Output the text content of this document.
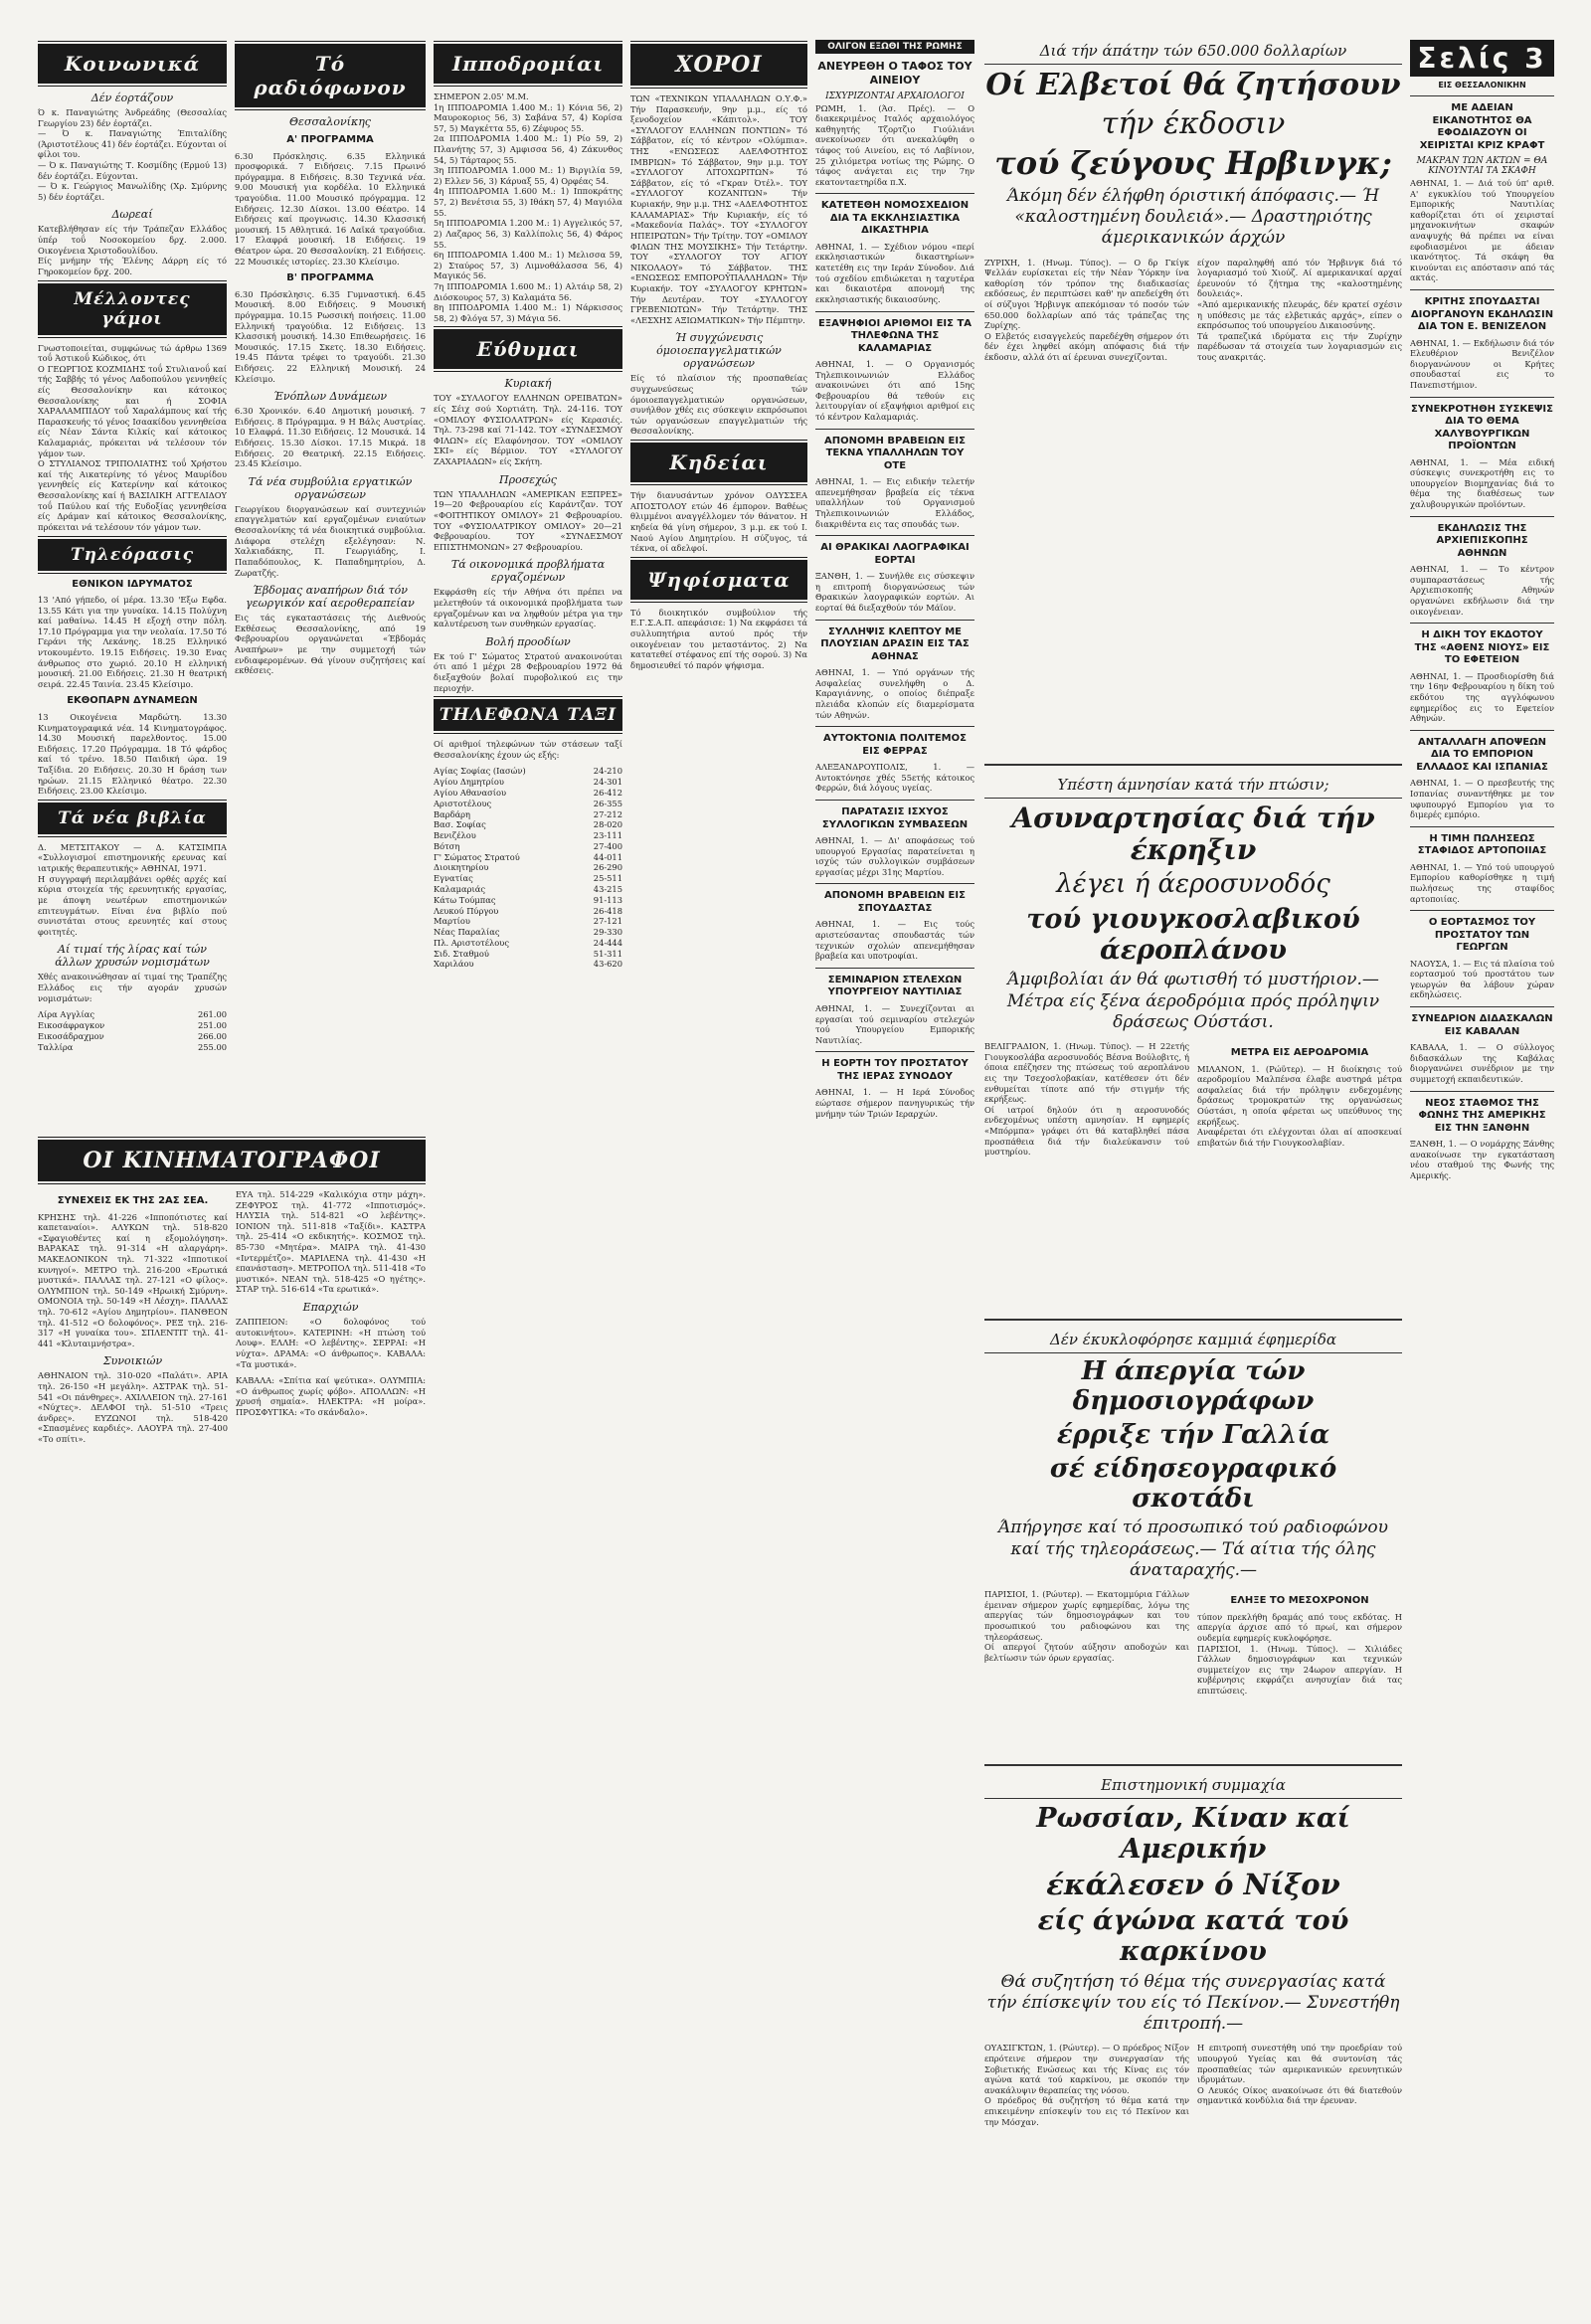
Κοινωνικά
Δέν έορτάζουν
Ό κ. Παναγιώτης Άνδρεάδης (Θεσσαλίας Γεωργίου 23) δέν έορτάζει.
— Ό κ. Παναγιώτης Έπιταλίδης (Άριστοτέλους 41) δέν έορτάζει. Εύχονται οί φίλοι του.
— Ό κ. Παναγιώτης Τ. Κοσμίδης (Ερμού 13) δέν έορτάζει. Εύχονται.
— Ό κ. Γεώργιος Μανωλίδης (Χρ. Σμύρνης 5) δέν έορτάζει.
Δωρεαί
Κατεβλήθησαν είς τήν Τράπεζαν Ελλάδος ύπέρ τοΰ Νοσοκομείου δρχ. 2.000. Οικογένεια Χριστοδουλίδου.
Είς μνήμην τής Έλένης Δάρρη είς τό Γηροκομείον δρχ. 200.
Μέλλοντες γάμοι
Γνωστοποιείται, συμφώνως τώ άρθρω 1369 τοΰ Άστικοΰ Κώδικος, ότι
Ο ΓΕΩΡΓΙΟΣ ΚΟΖΜΙΔΗΣ τοΰ Στυλιανοΰ καί τής Σαββής τό γένος Λαδοπούλου γεννηθείς είς Θεσσαλονίκην και κάτοικος Θεσσαλονίκης και ή ΣΟΦΙΑ ΧΑΡΑΛΑΜΠΙΔΟΥ τοΰ Χαραλάμπους καί τής Παρασκευής τό γένος Ισαακίδου γεννηθείσα είς Νέαν Σάντα Κιλκίς καί κάτοικος Καλαμαριάς, πρόκειται νά τελέσουν τόν γάμον των.
Ο ΣΤΥΛΙΑΝΟΣ ΤΡΙΠΟΛΙΑΤΗΣ τοΰ Χρήστου καί τής Αικατερίνης τό γένος Μαυρίδου γεννηθείς είς Κατερίνην καί κάτοικος Θεσσαλονίκης καί ή ΒΑΣΙΛΙΚΗ ΑΓΓΕΛΙΔΟΥ τοΰ Παύλου καί τής Ευδοξίας γεννηθείσα είς Δράμαν καί κάτοικος Θεσσαλονίκης, πρόκειται νά τελέσουν τόν γάμον των.
Τηλεόρασις
ΕΘΝΙΚΟΝ ΙΔΡΥΜΑΤΟΣ
13 'Από γήπεδο, οί μέρα. 13.30 'Εξω Εφδα. 13.55 Κάτι για την γυναίκα. 14.15 Πολύχνη καί μαθαίνω. 14.45 Η εξοχή στην πόλη. 17.10 Πρόγραμμα για την νεολαία. 17.50 Τό Γεράνι τής Λεκάνης. 18.25 Ελληνικό ντοκουμέντο. 19.15 Ειδήσεις. 19.30 Ενας άνθρωπος στο χωριό. 20.10 Η ελληνική μουσική. 21.00 Ειδήσεις. 21.30 Η θεατρική σειρά. 22.45 Ταινία. 23.45 Κλείσιμο.
ΕΚΘΟΠΑΡΝ ΔΥΝΑΜΕΩΝ
13 Οικογένεια Μαρδώτη. 13.30 Κινηματογραφικά νέα. 14 Κινηματογράφος. 14.30 Μουσική παρελθοντος. 15.00 Ειδήσεις. 17.20 Πρόγραμμα. 18 Τό φάρδος καί τό τρένο. 18.50 Παιδική ώρα. 19 Ταξίδια. 20 Ειδήσεις. 20.30 Η δράση των ηρώων. 21.15 Ελληνικό θέατρο. 22.30 Ειδήσεις. 23.00 Κλείσιμο.
Τά νέα βιβλία
Δ. ΜΕΤΣΙΤΑΚΟΥ — Δ. ΚΑΤΣΙΜΠΑ «Συλλογισμοί επιστημονικής ερευνας καί ιατρικής θεραπευτικής» ΑΘΗΝΑΙ, 1971.
Η συγγραφή περιλαμβάνει ορθές αρχές καί κύρια στοιχεία τής ερευνητικής εργασίας, με άποψη νεωτέρων επιστημονικών επιτευγμάτων. Είναι ένα βιβλίο πού συνιστάται στους ερευνητές καί στους φοιτητές.
Αί τιμαί τής λίρας καί τών άλλων χρυσών νομισμάτων
Χθές ανακοινώθησαν αί τιμαί της Τραπέζης Ελλάδος εις τήν αγοράν χρυσών νομισμάτων:
Λίρα Αγγλίας	261.00
Εικοσάφραγκον	251.00
Εικοσάδραχμον	266.00
Ταλλίρα	255.00
Τό ραδιόφωνον
Θεσσαλονίκης
Α' ΠΡΟΓΡΑΜΜΑ
6.30 Πρόσκλησις. 6.35 Ελληνικά προσφορικά. 7 Ειδήσεις. 7.15 Πρωινό πρόγραμμα. 8 Ειδήσεις. 8.30 Τεχνικά νέα. 9.00 Μουσική για κορδέλα. 10 Ελληνικά τραγούδια. 11.00 Μουσικό πρόγραμμα. 12 Ειδήσεις. 12.30 Δίσκοι. 13.00 Θέατρο. 14 Ειδήσεις καί προγνωσις. 14.30 Κλασσική μουσική. 15 Αθλητικά. 16 Λαϊκά τραγούδια. 17 Ελαφρά μουσική. 18 Ειδήσεις. 19 Θέατρον ώρα. 20 Θεσσαλονίκη. 21 Ειδήσεις. 22 Μουσικές ιστορίες. 23.30 Κλείσιμο.
Β' ΠΡΟΓΡΑΜΜΑ
6.30 Πρόσκλησις. 6.35 Γυμναστική. 6.45 Μουσική. 8.00 Ειδήσεις. 9 Μουσική πρόγραμμα. 10.15 Ρωσσική ποιήσεις. 11.00 Ελληνική τραγούδια. 12 Ειδήσεις. 13 Κλασσική μουσική. 14.30 Επιθεωρήσεις. 16 Μουσικός. 17.15 Σκετς. 18.30 Ειδήσεις. 19.45 Πάντα τρέφει το τραγούδι. 21.30 Ειδήσεις. 22 Ελληνική Μουσική. 24 Κλείσιμο.
Ένόπλων Δυνάμεων
6.30 Χρονικόν. 6.40 Δημοτική μουσική. 7 Ειδήσεις. 8 Πρόγραμμα. 9 Η Βάλς Αυστρίας. 10 Ελαφρά. 11.30 Ειδήσεις. 12 Μουσικά. 14 Ειδήσεις. 15.30 Δίσκοι. 17.15 Μικρά. 18 Ειδήσεις. 20 Θεατρική. 22.15 Ειδήσεις. 23.45 Κλείσιμο.
Τά νέα συμβούλια εργατικών οργανώσεων
Γεωργίκου διοργανώσεων καί συντεχνιών επαγγελματών καί εργαζομένων ενιαύτων Θεσσαλονίκης τά νέα διοικητικά συμβούλια. Διάφορα στελέχη εξελέγησαν: Ν. Χαλκιαδάκης, Π. Γεωργιάδης, Ι. Παπαδόπουλος, Κ. Παπαδημητρίου, Δ. Ζωρατζής.
Έβδομας αναπήρων διά τόν γεωργικόν καί αεροθεραπείαν
Εις τάς εγκαταστάσεις τής Διεθνούς Εκθέσεως Θεσσαλονίκης, από 19 Φεβρουαρίου οργανώνεται «Έβδομάς Αναπήρων» με την συμμετοχή τών ενδιαφερομένων. Θά γίνουν συζητήσεις καί εκθέσεις.
Ιπποδρομίαι
ΣΗΜΕΡΟΝ 2.05' Μ.Μ.
1η ΙΠΠΟΔΡΟΜΙΑ 1.400 Μ.: 1) Κόνια 56, 2) Μαυροκοριος 56, 3) Σαβάνα 57, 4) Κορίσα 57, 5) Μαγκέττα 55, 6) Ζέφυρος 55.
2α ΙΠΠΟΔΡΟΜΙΑ 1.400 Μ.: 1) Ρίο 59, 2) Πλανήτης 57, 3) Αμφισσα 56, 4) Ζάκυνθος 54, 5) Τάρταρος 55.
3η ΙΠΠΟΔΡΟΜΙΑ 1.000 Μ.: 1) Βιργιλία 59, 2) Ελλεν 56, 3) Κάρυαξ 55, 4) Ορφέας 54.
4η ΙΠΠΟΔΡΟΜΙΑ 1.600 Μ.: 1) Ιπποκράτης 57, 2) Βενέτσια 55, 3) Ιθάκη 57, 4) Μαγιόλα 55.
5η ΙΠΠΟΔΡΟΜΙΑ 1.200 Μ.: 1) Αγγελικός 57, 2) Λαζαρος 56, 3) Καλλίπολις 56, 4) Φάρος 55.
6η ΙΠΠΟΔΡΟΜΙΑ 1.400 Μ.: 1) Μελισσα 59, 2) Σταύρος 57, 3) Λιμνοθάλασσα 56, 4) Μαγικός 56.
7η ΙΠΠΟΔΡΟΜΙΑ 1.600 Μ.: 1) Αλτάιρ 58, 2) Διόσκουρος 57, 3) Καλαμάτα 56.
8η ΙΠΠΟΔΡΟΜΙΑ 1.400 Μ.: 1) Νάρκισσος 58, 2) Φλόγα 57, 3) Μάγια 56.
Εύθυμαι
Κυριακή
ΤΟΥ «ΣΥΛΛΟΓΟΥ ΕΛΛΗΝΩΝ ΟΡΕΙΒΑΤΩΝ» είς Σέιχ σού Χορτιάτη. Τηλ. 24-116. ΤΟΥ «ΟΜΙΛΟΥ ΦΥΣΙΟΛΑΤΡΩΝ» είς Κερασιές. Τηλ. 73-298 καί 71-142. ΤΟΥ «ΣΥΝΔΕΣΜΟΥ ΦΙΛΩΝ» είς Ελαφόνησον. ΤΟΥ «ΟΜΙΛΟΥ ΣΚΙ» είς Βέρμιον. ΤΟΥ «ΣΥΛΛΟΓΟΥ ΖΑΧΑΡΙΑΔΩΝ» είς Σκήτη.
Προσεχώς
ΤΩΝ ΥΠΑΛΛΗΛΩΝ «ΑΜΕΡΙΚΑΝ ΕΞΠΡΕΣ» 19—20 Φεβρουαρίου είς Καράντζαν. ΤΟΥ «ΦΟΙΤΗΤΙΚΟΥ ΟΜΙΛΟΥ» 21 Φεβρουαρίου. ΤΟΥ «ΦΥΣΙΟΛΑΤΡΙΚΟΥ ΟΜΙΛΟΥ» 20—21 Φεβρουαρίου. ΤΟΥ «ΣΥΝΔΕΣΜΟΥ ΕΠΙΣΤΗΜΟΝΩΝ» 27 Φεβρουαρίου.
Τά οικονομικά προβλήματα εργαζομένων
Εκφράσθη είς τήν Αθήνα ότι πρέπει να μελετηθούν τά οικονομικά προβλήματα των εργαζομένων και να ληφθούν μέτρα για την καλυτέρευση των συνθηκών εργασίας.
Βολή προοδίων
Εκ τού Γ' Σώματος Στρατού ανακοινούται ότι από 1 μέχρι 28 Φεβρουαρίου 1972 θά διεξαχθούν βολαί πυροβολικού εις την περιοχήν.
ΤΗΛΕΦΩΝΑ ΤΑΞΙ
Οί αριθμοί τηλεφώνων τών στάσεων ταξί Θεσσαλονίκης έχουν ώς εξής:
Αγίας Σοφίας (Ιασών)	24-210
Αγίου Δημητρίου	24-301
Αγίου Αθανασίου	26-412
Αριστοτέλους	26-355
Βαρδάρη	27-212
Βασ. Σοφίας	28-020
Βενιζέλου	23-111
Βότση	27-400
Γ' Σώματος Στρατού	44-011
Διοικητηρίου	26-290
Εγνατίας	25-511
Καλαμαριάς	43-215
Κάτω Τούμπας	91-113
Λευκού Πύργου	26-418
Μαρτίου	27-121
Νέας Παραλίας	29-330
Πλ. Αριστοτέλους	24-444
Σιδ. Σταθμού	51-311
Χαριλάου	43-620
ΧΟΡΟΙ
ΤΩΝ «ΤΕΧΝΙΚΩΝ ΥΠΑΛΛΗΛΩΝ Ο.Υ.Φ.» Τήν Παρασκευήν, 9ην μ.μ., είς τό ξενοδοχείον «Κάπιτολ». ΤΟΥ «ΣΥΛΛΟΓΟΥ ΕΛΛΗΝΩΝ ΠΟΝΤΙΩΝ» Τό Σάββατον, είς τό κέντρον «Ολύμπια». ΤΗΣ «ΕΝΩΣΕΩΣ ΑΔΕΛΦΟΤΗΤΟΣ ΙΜΒΡΙΩΝ» Τό Σάββατον, 9ην μ.μ. ΤΟΥ «ΣΥΛΛΟΓΟΥ ΛΙΤΟΧΩΡΙΤΩΝ» Τό Σάββατον, είς τό «Γκραν Ότέλ». ΤΟΥ «ΣΥΛΛΟΓΟΥ ΚΟΖΑΝΙΤΩΝ» Τήν Κυριακήν, 9ην μ.μ. ΤΗΣ «ΑΔΕΛΦΟΤΗΤΟΣ ΚΑΛΑΜΑΡΙΑΣ» Τήν Κυριακήν, είς τό «Μακεδονία Παλάς». ΤΟΥ «ΣΥΛΛΟΓΟΥ ΗΠΕΙΡΩΤΩΝ» Τήν Τρίτην. ΤΟΥ «ΟΜΙΛΟΥ ΦΙΛΩΝ ΤΗΣ ΜΟΥΣΙΚΗΣ» Τήν Τετάρτην. ΤΟΥ «ΣΥΛΛΟΓΟΥ ΤΟΥ ΑΓΙΟΥ ΝΙΚΟΛΑΟΥ» Τό Σάββατον. ΤΗΣ «ΕΝΩΣΕΩΣ ΕΜΠΟΡΟΫΠΑΛΛΗΛΩΝ» Τήν Κυριακήν. ΤΟΥ «ΣΥΛΛΟΓΟΥ ΚΡΗΤΩΝ» Τήν Δευτέραν. ΤΟΥ «ΣΥΛΛΟΓΟΥ ΓΡΕΒΕΝΙΩΤΩΝ» Τήν Τετάρτην. ΤΗΣ «ΛΕΣΧΗΣ ΑΞΙΩΜΑΤΙΚΩΝ» Τήν Πέμπτην.
Ή συγχώνευσις όμοιοεπαγγελματικών οργανώσεων
Είς τό πλαίσιον τής προσπαθείας συγχωνεύσεως τών όμοιοεπαγγελματικών οργανώσεων, συνήλθον χθές εις σύσκεψιν εκπρόσωποι τών οργανώσεων επαγγελματιών τής Θεσσαλονίκης.
Κηδείαι
Τήν διανυσάντων χρόνον ΟΔΥΣΣΕΑ ΑΠΟΣΤΟΛΟΥ ετών 46 έμπορον. Βαθέως θλιμμένοι αναγγέλλομεν τόν θάνατον. Η κηδεία θά γίνη σήμερον, 3 μ.μ. εκ τού Ι. Ναού Αγίου Δημητρίου. Η σύζυγος, τά τέκνα, οί αδελφοί.
Ψηφίσματα
Τό διοικητικόν συμβούλιον τής Ε.Γ.Σ.Α.Π. απεφάσισε: 1) Να εκφράσει τά συλλυπητήρια αυτού πρός τήν οικογένειαν του μεταστάντος. 2) Να κατατεθεί στέφανος επί τής σορού. 3) Να δημοσιευθεί τό παρόν ψήφισμα.
ΟΛΙΓΟΝ ΕΞΩΘΙ ΤΗΣ ΡΩΜΗΣ
ΑΝΕΥΡΕΘΗ Ο ΤΑΦΟΣ ΤΟΥ ΑΙΝΕΙΟΥ
ΙΣΧΥΡΙΖΟΝΤΑΙ ΑΡΧΑΙΟΛΟΓΟΙ
ΡΩΜΗ, 1. (Άσ. Πρές). — Ο διακεκριμένος Ιταλός αρχαιολόγος καθηγητής Τζορτζιο Γιούλιάνι ανεκοίνωσεν ότι ανεκαλύφθη ο τάφος τού Αινείου, εις τό Λαβίνιον, 25 χιλιόμετρα νοτίως της Ρώμης. Ο τάφος ανάγεται εις την 7ην εκατονταετηρίδα π.Χ.
ΚΑΤΕΤΕΘΗ ΝΟΜΟΣΧΕΔΙΟΝ ΔΙΑ ΤΑ ΕΚΚΛΗΣΙΑΣΤΙΚΑ ΔΙΚΑΣΤΗΡΙΑ
ΑΘΗΝΑΙ, 1. — Σχέδιον νόμου «περί εκκλησιαστικών δικαστηρίων» κατετέθη εις την Ιεράν Σύνοδον. Διά τού σχεδίου επιδιώκεται η ταχυτέρα και δικαιοτέρα απονομή της εκκλησιαστικής δικαιοσύνης.
ΕΞΑΨΗΦΙΟΙ ΑΡΙΘΜΟΙ ΕΙΣ ΤΑ ΤΗΛΕΦΩΝΑ ΤΗΣ ΚΑΛΑΜΑΡΙΑΣ
ΑΘΗΝΑΙ, 1. — Ο Οργανισμός Τηλεπικοινωνιών Ελλάδος ανακοινώνει ότι από 15ης Φεβρουαρίου θά τεθούν εις λειτουργίαν οί εξαψήφιοι αριθμοί εις τό κέντρον Καλαμαριάς.
ΑΠΟΝΟΜΗ ΒΡΑΒΕΙΩΝ ΕΙΣ ΤΕΚΝΑ ΥΠΑΛΛΗΛΩΝ ΤΟΥ ΟΤΕ
ΑΘΗΝΑΙ, 1. — Εις ειδικήν τελετήν απενεμήθησαν βραβεία είς τέκνα υπαλλήλων τού Οργανισμού Τηλεπικοινωνιών Ελλάδος, διακριθέντα εις τας σπουδάς των.
ΑΙ ΘΡΑΚΙΚΑΙ ΛΑΟΓΡΑΦΙΚΑΙ ΕΟΡΤΑΙ
ΞΑΝΘΗ, 1. — Συνήλθε εις σύσκεψιν η επιτροπή διοργανώσεως τών Θρακικών λαογραφικών εορτών. Αι εορταί θά διεξαχθούν τόν Μάϊον.
ΣΥΛΛΗΨΙΣ ΚΛΕΠΤΟΥ ΜΕ ΠΛΟΥΣΙΑΝ ΔΡΑΣΙΝ ΕΙΣ ΤΑΣ ΑΘΗΝΑΣ
ΑΘΗΝΑΙ, 1. — Υπό οργάνων τής Ασφαλείας συνελήφθη ο Δ. Καραγιάννης, ο οποίος διέπραξε πλειάδα κλοπών είς διαμερίσματα τών Αθηνών.
ΑΥΤΟΚΤΟΝΙΑ ΠΟΛΙΤΕΜΟΣ ΕΙΣ ΦΕΡΡΑΣ
ΑΛΕΞΑΝΔΡΟΥΠΟΛΙΣ, 1. — Αυτοκτόνησε χθές 55ετής κάτοικος Φερρών, διά λόγους υγείας.
ΠΑΡΑΤΑΣΙΣ ΙΣΧΥΟΣ ΣΥΛΛΟΓΙΚΩΝ ΣΥΜΒΑΣΕΩΝ
ΑΘΗΝΑΙ, 1. — Δι' αποφάσεως τού υπουργού Εργασίας παρατείνεται η ισχύς τών συλλογικών συμβάσεων εργασίας μέχρι 31ης Μαρτίου.
ΑΠΟΝΟΜΗ ΒΡΑΒΕΙΩΝ ΕΙΣ ΣΠΟΥΔΑΣΤΑΣ
ΑΘΗΝΑΙ, 1. — Εις τούς αριστεύσαντας σπουδαστάς τών τεχνικών σχολών απενεμήθησαν βραβεία και υποτροφίαι.
ΣΕΜΙΝΑΡΙΟΝ ΣΤΕΛΕΧΩΝ ΥΠΟΥΡΓΕΙΟΥ ΝΑΥΤΙΛΙΑΣ
ΑΘΗΝΑΙ, 1. — Συνεχίζονται αι εργασίαι τού σεμιναρίου στελεχών τού Υπουργείου Εμπορικής Ναυτιλίας.
Η ΕΟΡΤΗ ΤΟΥ ΠΡΟΣΤΑΤΟΥ ΤΗΣ ΙΕΡΑΣ ΣΥΝΟΔΟΥ
ΑΘΗΝΑΙ, 1. — Η Ιερά Σύνοδος εώρτασε σήμερον πανηγυρικώς τήν μνήμην τών Τριών Ιεραρχών.
Διά τήν άπάτην τών 650.000 δολλαρίων
Οί Ελβετοί θά ζητήσουν
τήν έκδοσιν
τού ζεύγους Ηρβινγκ;
Άκόμη δέν έλήφθη όριστική άπόφασις.— Ή «καλοστημένη δουλειά».— Δραστηριότης άμερικανικών άρχών
ΖΥΡΙΧΗ, 1. (Ηνωμ. Τύπος). — Ο δρ Γκίγκ Ψελλάν ευρίσκεται είς τήν Νέαν Ύόρκην ίνα καθορίση τόν τρόπον της διαδικασίας εκδόσεως, έν περιπτώσει καθ' ην απεδείχθη ότι οί σύζυγοι Ήρβινγκ απεκόμισαν τό ποσόν τών 650.000 δολλαρίων από τάς τράπεζας της Ζυρίχης.
Ο Ελβετός εισαγγελεύς παρεδέχθη σήμερον ότι δέν έχει ληφθεί ακόμη απόφασις διά τήν έκδοσιν, αλλά ότι αί έρευναι συνεχίζονται.
είχον παραληφθή από τόν Ήρβινγκ διά τό λογαριασμό τού Χιούζ. Αί αμερικανικαί αρχαί έρευνούν τό ζήτημα της «καλοστημένης δουλειάς».
«Άπό αμερικανικής πλευράς, δέν κρατεί σχέσιν η υπόθεσις με τάς ελβετικάς αρχάς», είπεν ο εκπρόσωπος τού υπουργείου Δικαιοσύνης.
Τά τραπεζικά ιδρύματα εις τήν Ζυρίχην παρέδωσαν τά στοιχεία των λογαριασμών εις τους ανακριτάς.
Υπέστη άμνησίαν κατά τήν πτώσιν;
Ασυναρτησίας διά τήν έκρηξιν
λέγει ή άεροσυνοδός
τού γιουγκοσλαβικού άεροπλάνου
Άμφιβολίαι άν θά φωτισθή τό μυστήριον.— Μέτρα είς ξένα άεροδρόμια πρός πρόληψιν δράσεως Ούστάσι.
ΒΕΛΙΓΡΑΔΙΟΝ, 1. (Ηνωμ. Τύπος). — Η 22ετής Γιουγκοσλάβα αεροσυνοδός Βέσνα Βούλοβιτς, ή όποια επέζησεν της πτώσεως τού αεροπλάνου εις την Τσεχοσλοβακίαν, κατέθεσεν ότι δέν ενθυμείται τίποτε από τήν στιγμήν τής εκρήξεως.
Οί ιατροί δηλούν ότι η αεροσυνοδός ενδεχομένως υπέστη αμνησίαν. Η εφημερίς «Μπόρμπα» γράφει ότι θά καταβληθεί πάσα προσπάθεια διά τήν διαλεύκανσιν τού μυστηρίου.
ΜΕΤΡΑ ΕΙΣ ΑΕΡΟΔΡΟΜΙΑ
ΜΙΛΑΝΟΝ, 1. (Ρώϋτερ). — Η διοίκησις τού αεροδρομίου Μαλπένσα έλαβε αυστηρά μέτρα ασφαλείας διά τήν πρόληψιν ενδεχομένης δράσεως τρομοκρατών της οργανώσεως Ούστάσι, η οποία φέρεται ως υπεύθυνος της εκρήξεως.
Αναφέρεται ότι ελέγχονται όλαι αί αποσκευαί επιβατών διά τήν Γιουγκοσλαβίαν.
Δέν έκυκλοφόρησε καμμιά έφημερίδα
Η άπεργία τών δημοσιογράφων
έρριξε τήν Γαλλία
σέ είδησεογραφικό σκοτάδι
Άπήργησε καί τό προσωπικό τού ραδιοφώνου καί τής τηλεοράσεως.— Τά αίτια τής όλης άναταραχής.—
ΠΑΡΙΣΙΟΙ, 1. (Ρώυτερ). — Εκατομμύρια Γάλλων έμειναν σήμερον χωρίς εφημερίδας, λόγω της απεργίας τών δημοσιογράφων και του προσωπικού του ραδιοφώνου και της τηλεοράσεως.
Οί απεργοί ζητούν αύξησιν αποδοχών και βελτίωσιν τών όρων εργασίας.
ΕΛΗΞΕ ΤΟ ΜΕΣΟΧΡΟΝΟΝ
τύπον πρεκλήθη δραμάς από τους εκδότας. Η απεργία άρχισε από τό πρωί, και σήμερον ουδεμία εφημερίς κυκλοφόρησε.
ΠΑΡΙΣΙΟΙ, 1. (Ηνωμ. Τύπος). — Χιλιάδες Γάλλων δημοσιογράφων και τεχνικών συμμετείχον εις την 24ωρον απεργίαν. Η κυβέρνησις εκφράζει ανησυχίαν διά τας επιπτώσεις.
Επιστημονική συμμαχία
Ρωσσίαν, Κίναν καί Αμερικήν
έκάλεσεν ό Νίξον
είς άγώνα κατά τού καρκίνου
Θά συζητήση τό θέμα τής συνεργασίας κατά τήν έπίσκεψίν του είς τό Πεκίνον.— Συνεστήθη έπιτροπή.—
ΟΥΑΣΙΓΚΤΩΝ, 1. (Ρώυτερ). — Ο πρόεδρος Νίξον επρότεινε σήμερον την συνεργασίαν τής Σοβιετικής Ενώσεως και τής Κίνας εις τόν αγώνα κατά τού καρκίνου, με σκοπόν την ανακάλυψιν θεραπείας της νόσου.
Ο πρόεδρος θά συζητήση τό θέμα κατά την επικειμένην επίσκεψίν του εις τό Πεκίνον και την Μόσχαν.
Η επιτροπή συνεστήθη υπό την προεδρίαν τού υπουργού Υγείας και θά συντονίση τάς προσπαθείας τών αμερικανικών ερευνητικών ιδρυμάτων.
Ο Λευκός Οίκος ανακοίνωσε ότι θά διατεθούν σημαντικά κονδύλια διά την έρευναν.
Σελίς 3
ΕΙΣ ΘΕΣΣΑΛΟΝΙΚΗΝ
ΜΕ ΑΔΕΙΑΝ ΕΙΚΑΝΟΤΗΤΟΣ ΘΑ ΕΦΟΔΙΑΖΟΥΝ ΟΙ ΧΕΙΡΙΣΤΑΙ ΚΡΙΖ ΚΡΑΦΤ
ΜΑΚΡΑΝ ΤΩΝ ΑΚΤΩΝ = ΘΑ ΚΙΝΟΥΝΤΑΙ ΤΑ ΣΚΑΦΗ
ΑΘΗΝΑΙ, 1. — Διά τού ύπ' αριθ. Α' εγκυκλίου τού Υπουργείου Εμπορικής Ναυτιλίας καθορίζεται ότι οί χειρισταί μηχανοκινήτων σκαφών αναψυχής θά πρέπει να είναι εφοδιασμένοι με άδειαν ικανότητος. Τά σκάφη θα κινούνται εις απόστασιν από τάς ακτάς.
ΚΡΙΤΗΣ ΣΠΟΥΔΑΣΤΑΙ ΔΙΟΡΓΑΝΟΥΝ ΕΚΔΗΛΩΣΙΝ ΔΙΑ ΤΟΝ Ε. ΒΕΝΙΖΕΛΟΝ
ΑΘΗΝΑΙ, 1. — Εκδήλωσιν διά τόν Ελευθέριον Βενιζέλον διοργανώνουν οι Κρήτες σπουδασταί εις το Πανεπιστήμιον.
ΣΥΝΕΚΡΟΤΗΘΗ ΣΥΣΚΕΨΙΣ ΔΙΑ ΤΟ ΘΕΜΑ ΧΑΛΥΒΟΥΡΓΙΚΩΝ ΠΡΟΪΟΝΤΩΝ
ΑΘΗΝΑΙ, 1. — Μέα ειδική σύσκεψις συνεκροτήθη εις το υπουργείον Βιομηχανίας διά το θέμα της διαθέσεως των χαλυβουργικών προϊόντων.
ΕΚΔΗΛΩΣΙΣ ΤΗΣ ΑΡΧΙΕΠΙΣΚΟΠΗΣ ΑΘΗΝΩΝ
ΑΘΗΝΑΙ, 1. — Το κέντρον συμπαραστάσεως τής Αρχιεπισκοπής Αθηνών οργανώνει εκδήλωσιν διά την οικογένειαν.
Η ΔΙΚΗ ΤΟΥ ΕΚΔΟΤΟΥ ΤΗΣ «ΑΘΕΝΣ ΝΙΟΥΣ» ΕΙΣ ΤΟ ΕΦΕΤΕΙΟΝ
ΑΘΗΝΑΙ, 1. — Προσδιορίσθη διά την 16ην Φεβρουαρίου η δίκη τού εκδότου της αγγλόφωνου εφημερίδος εις το Εφετείον Αθηνών.
ΑΝΤΑΛΛΑΓΗ ΑΠΟΨΕΩΝ ΔΙΑ ΤΟ ΕΜΠΟΡΙΟΝ ΕΛΛΑΔΟΣ ΚΑΙ ΙΣΠΑΝΙΑΣ
ΑΘΗΝΑΙ, 1. — Ο πρεσβευτής της Ισπανίας συναντήθηκε με τον υφυπουργό Εμπορίου για το διμερές εμπόριο.
Η ΤΙΜΗ ΠΩΛΗΣΕΩΣ ΣΤΑΦΙΔΟΣ ΑΡΤΟΠΟΙΙΑΣ
ΑΘΗΝΑΙ, 1. — Υπό τού υπουργού Εμπορίου καθορίσθηκε η τιμή πωλήσεως της σταφίδος αρτοποιίας.
Ο ΕΟΡΤΑΣΜΟΣ ΤΟΥ ΠΡΟΣΤΑΤΟΥ ΤΩΝ ΓΕΩΡΓΩΝ
ΝΑΟΥΣΑ, 1. — Εις τά πλαίσια τού εορτασμού τού προστάτου των γεωργών θα λάβουν χώραν εκδηλώσεις.
ΣΥΝΕΔΡΙΟΝ ΔΙΔΑΣΚΑΛΩΝ ΕΙΣ ΚΑΒΑΛΑΝ
ΚΑΒΑΛΑ, 1. — Ο σύλλογος διδασκάλων της Καβάλας διοργανώνει συνέδριον με την συμμετοχή εκπαιδευτικών.
ΝΕΟΣ ΣΤΑΘΜΟΣ ΤΗΣ ΦΩΝΗΣ ΤΗΣ ΑΜΕΡΙΚΗΣ ΕΙΣ ΤΗΝ ΞΑΝΘΗΝ
ΞΑΝΘΗ, 1. — Ο νομάρχης Ξάνθης ανακοίνωσε την εγκατάσταση νέου σταθμού της Φωνής της Αμερικής.
ΟΙ ΚΙΝΗΜΑΤΟΓΡΑΦΟΙ
ΣΥΝΕΧΕΙΣ ΕΚ ΤΗΣ 2ΑΣ ΣΕΑ.
ΚΡΗΣΗΣ τηλ. 41-226 «Ιπποπότιστες καί καπεταναίοι». ΑΛΥΚΩΝ τηλ. 518-820 «Σφαγιοθέντες καί η εξομολόγηση». ΒΑΡΑΚΑΣ τηλ. 91-314 «Η αλαργάρη». ΜΑΚΕΔΟΝΙΚΟΝ τηλ. 71-322 «Ιπποτικοί κυνηγοί». ΜΕΤΡΟ τηλ. 216-200 «Ερωτικά μυστικά». ΠΑΛΛΑΣ τηλ. 27-121 «Ο φίλος». ΟΛΥΜΠΙΟΝ τηλ. 50-149 «Ηρωική Σμύρνη». ΟΜΟΝΟΙΑ τηλ. 50-149 «Η Λέσχη». ΠΑΛΛΑΣ τηλ. 70-612 «Αγίου Δημητρίου». ΠΑΝΘΕΟΝ τηλ. 41-512 «Ο δολοφόνος». ΡΕΞ τηλ. 216-317 «Η γυναίκα του». ΣΠΛΕΝΤΙΤ τηλ. 41-441 «Κλυταιμνήστρα».
Συνοικιών
ΑΘΗΝΑΙΟΝ τηλ. 310-020 «Παλάτι». ΑΡΙΑ τηλ. 26-150 «Η μεγάλη». ΑΣΤΡΑΚ τηλ. 51-541 «Οι πάνθηρες». ΑΧΙΛΛΕΙΟΝ τηλ. 27-161 «Νύχτες». ΔΕΛΦΟΙ τηλ. 51-510 «Τρεις άνδρες». ΕΥΖΩΝΟΙ τηλ. 518-420 «Σπασμένες καρδιές». ΛΑΟΥΡΑ τηλ. 27-400 «Το σπίτι».
ΕΥΑ τηλ. 514-229 «Καλικόχια στην μάχη». ΖΕΦΥΡΟΣ τηλ. 41-772 «Ιπποτισμός». ΗΛΥΣΙΑ τηλ. 514-821 «Ο λεβέντης». ΙΟΝΙΟΝ τηλ. 511-818 «Ταξίδι». ΚΑΣΤΡΑ τηλ. 25-414 «Ο εκδικητής». ΚΟΣΜΟΣ τηλ. 85-730 «Μητέρα». ΜΑΙΡΑ τηλ. 41-430 «Ιντερμέτζο». ΜΑΡΙΛΕΝΑ τηλ. 41-430 «Η επανάσταση». ΜΕΤΡΟΠΟΛ τηλ. 511-418 «Το μυστικό». ΝΕΑΝ τηλ. 518-425 «Ο ηγέτης». ΣΤΑΡ τηλ. 516-614 «Τα ερωτικά».
Επαρχιών
ΖΑΠΠΕΙΟΝ: «Ο δολοφόνος τού αυτοκινήτου». ΚΑΤΕΡΙΝΗ: «Η πτώση τού Λουφ». ΕΛΛΗ: «Ο λεβέντης». ΣΕΡΡΑΙ: «Η νύχτα». ΔΡΑΜΑ: «Ο άνθρωπος». ΚΑΒΑΛΑ: «Τα μυστικά».
ΚΑΒΑΛΑ: «Σπίτια καί ψεύτικα». ΟΛΥΜΠΙΑ: «Ο άνθρωπος χωρίς φόβο». ΑΠΟΛΛΩΝ: «Η χρυσή σημαία». ΗΛΕΚΤΡΑ: «Η μοίρα». ΠΡΟΣΦΥΓΙΚΑ: «Το σκάνδαλο».
